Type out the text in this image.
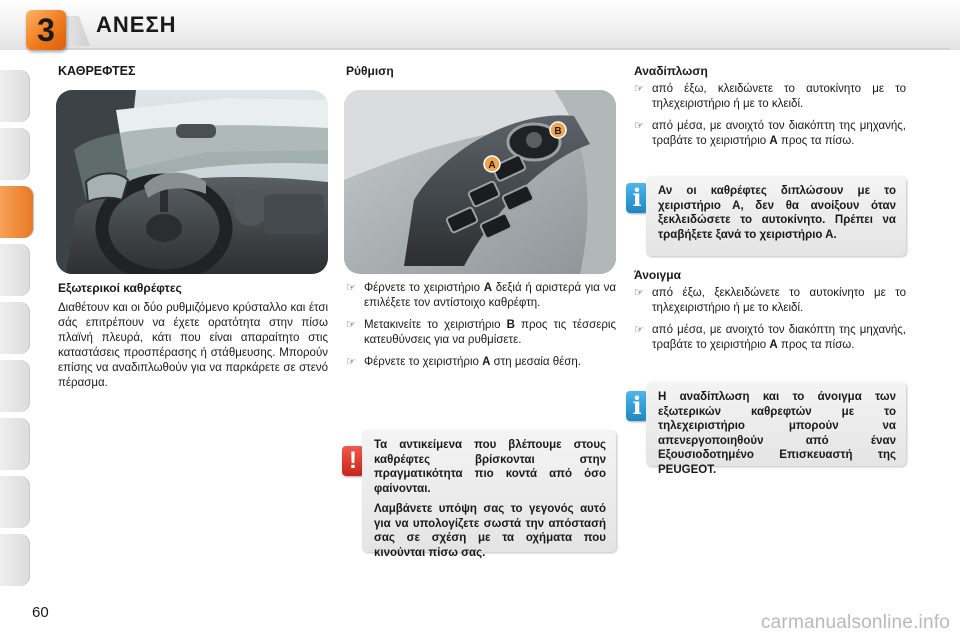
3	ΑΝΕΣΗ
ΚΑΘΡΕΦΤΕΣ
Εξωτερικοί καθρέφτες

Διαθέτουν και οι δύο ρυθμιζόμενο κρύσταλλο και έτσι σάς επιτρέπουν να έχετε ορατότητα στην πίσω πλαϊνή πλευρά, κάτι που είναι απαραίτητο στις καταστάσεις προσπέρασης ή στάθμευσης. Μπορούν επίσης να αναδιπλωθούν για να παρκάρετε σε στενό πέρασμα.

Ρύθμιση
A
B
☞ Φέρνετε το χειριστήριο A δεξιά ή αριστερά για να επιλέξετε τον αντίστοιχο καθρέφτη.
☞ Μετακινείτε το χειριστήριο B προς τις τέσσερις κατευθύνσεις για να ρυθμίσετε.
☞ Φέρνετε το χειριστήριο A στη μεσαία θέση.
!

Τα αντικείμενα που βλέπουμε στους καθρέφτες βρίσκονται στην πραγματικότητα πιο κοντά από όσο φαίνονται.

Λαμβάνετε υπόψη σας το γεγονός αυτό για να υπολογίζετε σωστά την απόστασή σας σε σχέση με τα οχήματα που κινούνται πίσω σας.

Αναδίπλωση
☞ από έξω, κλειδώνετε το αυτοκίνητο με το τηλεχειριστήριο ή με το κλειδί.
☞ από μέσα, με ανοιχτό τον διακόπτη της μηχανής, τραβάτε το χειριστήριο A προς τα πίσω.
i	Αν οι καθρέφτες διπλώσουν με το χειριστήριο Α, δεν θα ανοίξουν όταν ξεκλειδώσετε το αυτοκίνητο. Πρέπει να τραβήξετε ξανά το χειριστήριο Α.
Άνοιγμα
☞ από έξω, ξεκλειδώνετε το αυτοκίνητο με το τηλεχειριστήριο ή με το κλειδί.
☞ από μέσα, με ανοιχτό τον διακόπτη της μηχανής, τραβάτε το χειριστήριο A προς τα πίσω.
i	Η αναδίπλωση και το άνοιγμα των εξωτερικών καθρεφτών με το τηλεχειριστήριο μπορούν να απενεργοποιηθούν από έναν Εξουσιοδοτημένο Επισκευαστή της PEUGEOT.
60	carmanualsonline.info
